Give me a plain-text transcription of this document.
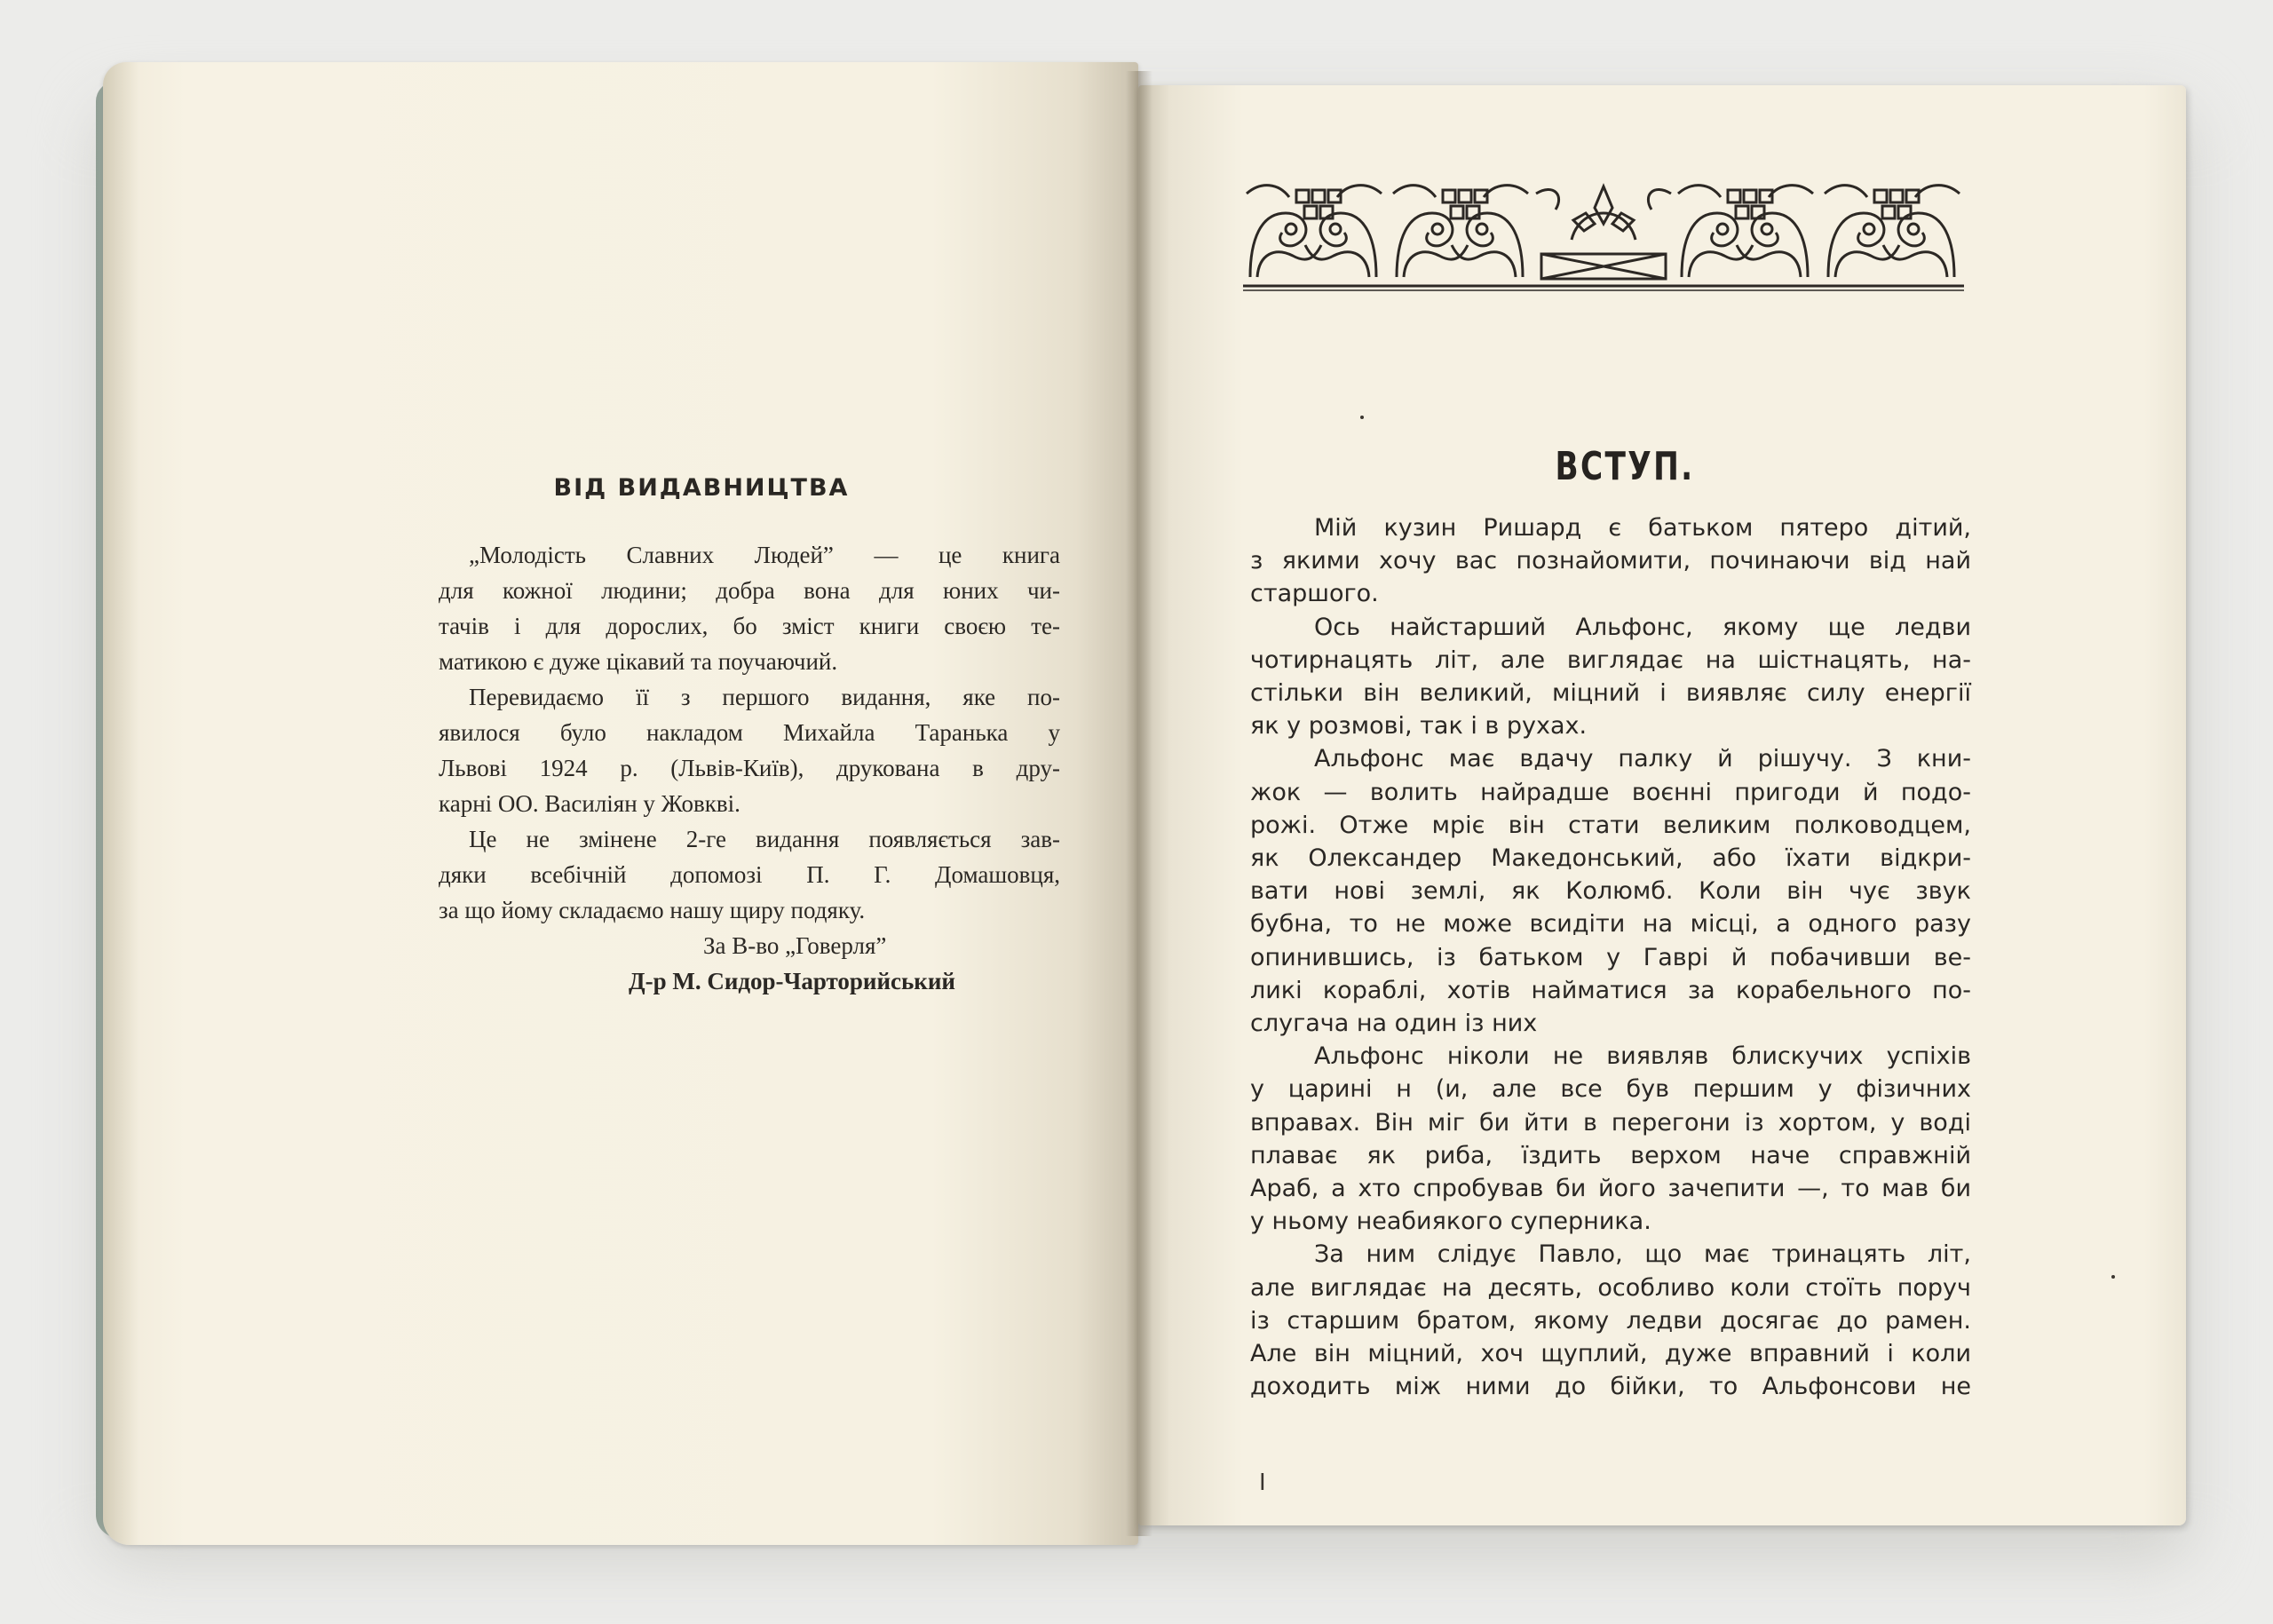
ВІД ВИДАВНИЦТВА
„Молодість Славних Людей” — це книга
для кожної людини; добра вона для юних чи-
тачів і для дорослих, бо зміст книги своєю те-
матикою є дуже цікавий та поучаючий.
Перевидаємо її з першого видання, яке по-
явилося було накладом Михайла Таранька у
Львові 1924 р. (Львів-Київ), друкована в дру-
карні ОО. Василіян у Жовкві.
Це не змінене 2-ге видання появляється зав-
дяки всебічній допомозі П. Г. Домашовця,
за що йому складаємо нашу щиру подяку.
За В-во „Говерля”
Д-р М. Сидор-Чарторийський
ВСТУП.
Мій кузин Ришард є батьком пятеро дітий,
з якими хочу вас познайомити, починаючи від най
старшого.
Ось найстарший Альфонс, якому ще ледви
чотирнацять літ, але виглядає на шістнацять, на-
стільки він великий, міцний і виявляє силу енергії
як у розмові, так і в рухах.
Альфонс має вдачу палку й рішучу. З кни-
жок — волить найрадше воєнні пригоди й подо-
рожі. Отже мріє він стати великим полководцем,
як Олександер Македонський, або їхати відкри-
вати нові землі, як Колюмб. Коли він чує звук
бубна, то не може всидіти на місці, а одного разу
опинившись, із батьком у Гаврі й побачивши ве-
ликі кораблі, хотів найматися за корабельного по-
слугача на один із них
Альфонс ніколи не виявляв блискучих успіхів
у царині н (и, але все був першим у фізичних
вправах. Він міг би йти в перегони із хортом, у воді
плаває як риба, їздить верхом наче справжній
Араб, а хто спробував би його зачепити —, то мав би
у ньому неабиякого суперника.
За ним слідує Павло, що має тринацять літ,
але виглядає на десять, особливо коли стоїть поруч
із старшим братом, якому ледви досягає до рамен.
Але він міцний, хоч щуплий, дуже вправний і коли
доходить між ними до бійки, то Альфонсови не
I
